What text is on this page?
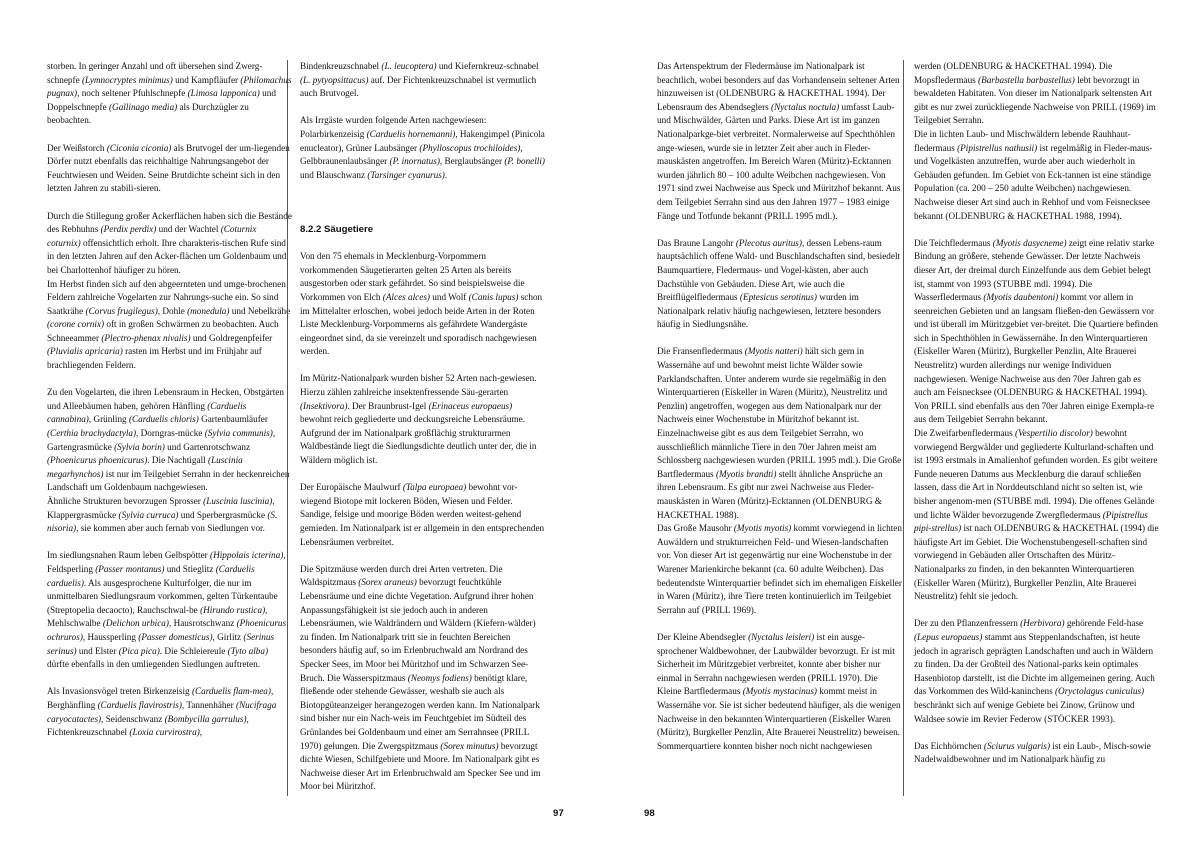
storben. In geringer Anzahl und oft übersehen sind Zwerg-schnepfe (Lymnocryptes minimus) und Kampfläufer (Philomachus pugnax), noch seltener Pfuhlschnepfe (Limosa lapponica) und Doppelschnepfe (Gallinago media) als Durchzügler zu beobachten.

Der Weißstorch (Ciconia ciconia) als Brutvogel der um-liegenden Dörfer nutzt ebenfalls das reichhaltige Nahrungsangebot der Feuchtwiesen und Weiden. Seine Brutdichte scheint sich in den letzten Jahren zu stabili-sieren.

Durch die Stillegung großer Ackerflächen haben sich die Bestände des Rebhuhns (Perdix perdix) und der Wachtel (Coturnix coturnix) offensichtlich erholt. Ihre charakteris-tischen Rufe sind in den letzten Jahren auf den Acker-flächen um Goldenbaum und bei Charlottenhof häufiger zu hören.
Im Herbst finden sich auf den abgeernteten und umge-brochenen Feldern zahlreiche Vogelarten zur Nahrungs-suche ein. So sind Saatkrähe (Corvus frugilegus), Dohle (monedula) und Nebelkrähe (corone cornix) oft in großen Schwärmen zu beobachten. Auch Schneeammer (Plectro-phenax nivalis) und Goldregenpfeifer (Pluvialis apricaria) rasten im Herbst und im Frühjahr auf brachliegenden Feldern.

Zu den Vogelarten, die ihren Lebensraum in Hecken, Obstgärten und Alleebäumen haben, gehören Hänfling (Carduelis cannabina), Grünling (Carduelis chloris) Gartenbaumläufer (Certhia brachydactyla), Dorngras-mücke (Sylvia communis), Gartengrasmücke (Sylvia borin) und Gartenrotschwanz (Phoenicurus phoenicurus). Die Nachtigall (Luscinia megarhynchos) ist nur im Teilgebiet Serrahn in der heckenreichen Landschaft um Goldenbaum nachgewiesen.
Ähnliche Strukturen bevorzugen Sprosser (Luscinia luscinia), Klappergrasmücke (Sylvia curruca) und Sperbergrasmücke (S. nisoria), sie kommen aber auch fernab von Siedlungen vor.

Im siedlungsnahen Raum leben Gelbspötter (Hippolais icterina), Feldsperling (Passer montanus) und Stieglitz (Carduelis carduelis). Als ausgesprochene Kulturfolger, die nur im unmittelbaren Siedlungsraum vorkommen, gelten Türkentaube (Streptopelia decaocto), Rauchschwal-be (Hirundo rustica), Mehlschwalbe (Delichon urbica), Hausrotschwanz (Phoenicurus ochruros), Haussperling (Passer domesticus), Girlitz (Serinus serinus) und Elster (Pica pica). Die Schleiereule (Tyto alba) dürfte ebenfalls in den umliegenden Siedlungen auftreten.

Als Invasionsvögel treten Birkenzeisig (Carduelis flam-mea), Berghänfling (Carduelis flavirostris), Tannenhäher (Nucifraga caryocatactes), Seidenschwanz (Bombycilla garrulus), Fichtenkreuzschnabel (Loxia curvirostra),

Bindenkreuzschnabel (L. leucoptera) und Kiefernkreuz-schnabel (L. pytyopsittacus) auf. Der Fichtenkreuzschnabel ist vermutlich auch Brutvogel.

Als Irrgäste wurden folgende Arten nachgewiesen: Polarbirkenzeisig (Carduelis hornemanni), Hakengimpel (Pinicola enucleator), Grüner Laubsänger (Phylloscopus trochiloides), Gelbbraunenlaubsänger (P. inornatus), Berglaubsänger (P. bonelli) und Blauschwanz (Tarsinger cyanurus).

8.2.2 Säugetiere

Von den 75 ehemals in Mecklenburg-Vorpommern vorkommenden Säugetierarten gelten 25 Arten als bereits ausgestorben oder stark gefährdet. So sind beispielsweise die Vorkommen von Elch (Alces alces) und Wolf (Canis lupus) schon im Mittelalter erloschen, wobei jedoch beide Arten in der Roten Liste Mecklenburg-Vorpommerns als gefährdete Wandergäste eingeordnet sind, da sie vereinzelt und sporadisch nachgewiesen werden.

Im Müritz-Nationalpark wurden bisher 52 Arten nach-gewiesen. Hierzu zählen zahlreiche insektenfressende Säu-gerarten (Insektivora). Der Braunbrust-Igel (Erinaceus europaeus) bewohnt reich gegliederte und deckungsreiche Lebensräume. Aufgrund der im Nationalpark großflächig strukturarmen Waldbestände liegt die Siedlungsdichte deutlich unter der, die in Wäldern möglich ist.

Der Europäische Maulwurf (Talpa europaea) bewohnt vor-wiegend Biotope mit lockeren Böden, Wiesen und Felder. Sandige, felsige und moorige Böden werden weitest-gehend gemieden. Im Nationalpark ist er allgemein in den entsprechenden Lebensräumen verbreitet.

Die Spitzmäuse werden durch drei Arten vertreten. Die Waldspitzmaus (Sorex araneus) bevorzugt feuchtkühle Lebensräume und eine dichte Vegetation. Aufgrund ihrer hohen Anpassungsfähigkeit ist sie jedoch auch in anderen Lebensräumen, wie Waldrändern und Wäldern (Kiefern-wälder) zu finden. Im Nationalpark tritt sie in feuchten Bereichen besonders häufig auf, so im Erlenbruchwald am Nordrand des Specker Sees, im Moor bei Müritzhof und im Schwarzen See-Bruch. Die Wasserspitzmaus (Neomys fodiens) benötigt klare, fließende oder stehende Gewässer, weshalb sie auch als Biotopgüteanzeiger herangezogen werden kann. Im Nationalpark sind bisher nur ein Nach-weis im Feuchtgebiet im Südteil des Grünlandes bei Goldenbaum und einer am Serrahnsee (PRILL 1970) gelungen. Die Zwergspitzmaus (Sorex minutus) bevorzugt dichte Wiesen, Schilfgebiete und Moore. Im Nationalpark gibt es Nachweise dieser Art im Erlenbruchwald am Specker See und im Moor bei Müritzhof.

97

Das Artenspektrum der Fledermäuse im Nationalpark ist beachtlich, wobei besonders auf das Vorhandensein seltener Arten hinzuweisen ist (OLDENBURG & HACKETHAL 1994). Der Lebensraum des Abendseglers (Nyctalus noctula) umfasst Laub- und Mischwälder, Gärten und Parks. Diese Art ist im ganzen Nationalparkge-biet verbreitet. Normalerweise auf Spechthöhlen ange-wiesen, wurde sie in letzter Zeit aber auch in Fleder-mauskästen angetroffen. Im Bereich Waren (Müritz)-Ecktannen wurden jährlich 80 – 100 adulte Weibchen nachgewiesen. Von 1971 sind zwei Nachweise aus Speck und Müritzhof bekannt. Aus dem Teilgebiet Serrahn sind aus den Jahren 1977 – 1983 einige Fänge und Totfunde bekannt (PRILL 1995 mdl.).

Das Braune Langohr (Plecotus auritus), dessen Lebens-raum hauptsächlich offene Wald- und Buschlandschaften sind, besiedelt Baumquartiere, Fledermaus- und Vogel-kästen, aber auch Dachstühle von Gebäuden. Diese Art, wie auch die Breitflügelfledermaus (Eptesicus serotinus) wurden im Nationalpark relativ häufig nachgewiesen, letztere besonders häufig in Siedlungsnähe.

Die Fransenfledermaus (Myotis natteri) hält sich gern in Wassernähe auf und bewohnt meist lichte Wälder sowie Parklandschaften. Unter anderem wurde sie regelmäßig in den Winterquartieren (Eiskeller in Waren (Müritz), Neustrelitz und Penzlin) angetroffen, wogegen aus dem Nationalpark nur der Nachweis einer Wochenstube in Müritzhof bekannt ist. Einzelnachweise gibt es aus dem Teilgebiet Serrahn, wo ausschließlich männliche Tiere in den 70er Jahren meist am Schlossberg nachgewiesen wurden (PRILL 1995 mdl.). Die Große Bartfledermaus (Myotis brandti) stellt ähnliche Ansprüche an ihren Lebensraum. Es gibt nur zwei Nachweise aus Fleder-mauskästen in Waren (Müritz)-Ecktannen (OLDENBURG & HACKETHAL 1988).
Das Große Mausohr (Myotis myotis) kommt vorwiegend in lichten Auwäldern und strukturreichen Feld- und Wiesen-landschaften vor. Von dieser Art ist gegenwärtig nur eine Wochenstube in der Warener Marienkirche bekannt (ca. 60 adulte Weibchen). Das bedeutendste Winterquartier befindet sich im ehemaligen Eiskeller in Waren (Müritz), ihre Tiere treten kontinuierlich im Teilgebiet Serrahn auf (PRILL 1969).

Der Kleine Abendsegler (Nyctalus leisleri) ist ein ausge-sprochener Waldbewohner, der Laubwälder bevorzugt. Er ist mit Sicherheit im Müritzgebiet verbreitet, konnte aber bisher nur einmal in Serrahn nachgewiesen werden (PRILL 1970). Die Kleine Bartfledermaus (Myotis mystacinus) kommt meist in Wassernähe vor. Sie ist sicher bedeutend häufiger, als die wenigen Nachweise in den bekannten Winterquartieren (Eiskeller Waren (Müritz), Burgkeller Penzlin, Alte Brauerei Neustrelitz) beweisen. Sommerquartiere konnten bisher noch nicht nachgewiesen

werden (OLDENBURG & HACKETHAL 1994). Die Mopsfledermaus (Barbastella barbastellus) lebt bevorzugt in bewaldeten Habitaten. Von dieser im Nationalpark seltensten Art gibt es nur zwei zurückliegende Nachweise von PRILL (1969) im Teilgebiet Serrahn.
Die in lichten Laub- und Mischwäldern lebende Rauhhaut-fledermaus (Pipistrellus nathusii) ist regelmäßig in Fleder-maus- und Vogelkästen anzutreffen, wurde aber auch wiederholt in Gebäuden gefunden. Im Gebiet von Eck-tannen ist eine ständige Population (ca. 200 – 250 adulte Weibchen) nachgewiesen. Nachweise dieser Art sind auch in Rehhof und vom Feisnecksee bekannt (OLDENBURG & HACKETHAL 1988, 1994).

Die Teichfledermaus (Myotis dasycneme) zeigt eine relativ starke Bindung an größere, stehende Gewässer. Der letzte Nachweis dieser Art, der dreimal durch Einzelfunde aus dem Gebiet belegt ist, stammt von 1993 (STUBBE mdl. 1994). Die Wasserfledermaus (Myotis daubentoni) kommt vor allem in seenreichen Gebieten und an langsam fließen-den Gewässern vor und ist überall im Müritzgebiet ver-breitet. Die Quartiere befinden sich in Spechthöhlen in Gewässernähe. In den Winterquartieren (Eiskeller Waren (Müritz), Burgkeller Penzlin, Alte Brauerei Neustrelitz) wurden allerdings nur wenige Individuen nachgewiesen. Wenige Nachweise aus den 70er Jahren gab es auch am Feisnecksee (OLDENBURG & HACKETHAL 1994). Von PRILL sind ebenfalls aus den 70er Jahren einige Exempla-re aus dem Teilgebiet Serrahn bekannt.
Die Zweifarbenfledermaus (Vespertilio discolor) bewohnt vorwiegend Bergwälder und gegliederte Kulturland-schaften und ist 1993 erstmals in Amalienhof gefunden worden. Es gibt weitere Funde neueren Datums aus Mecklenburg die darauf schließen lassen, dass die Art in Norddeutschland nicht so selten ist, wie bisher angenom-men (STUBBE mdl. 1994). Die offenes Gelände und lichte Wälder bevorzugende Zwergfledermaus (Pipistrellus pipi-strellus) ist nach OLDENBURG & HACKETHAL (1994) die häufigste Art im Gebiet. Die Wochenstubengesell-schaften sind vorwiegend in Gebäuden aller Ortschaften des Müritz-Nationalparks zu finden, in den bekannten Winterquartieren (Eiskeller Waren (Müritz), Burgkeller Penzlin, Alte Brauerei Neustrelitz) fehlt sie jedoch.

Der zu den Pflanzenfressern (Herbivora) gehörende Feld-hase (Lepus europaeus) stammt aus Steppenlandschaften, ist heute jedoch in agrarisch geprägten Landschaften und auch in Wäldern zu finden. Da der Großteil des National-parks kein optimales Hasenbiotop darstellt, ist die Dichte im allgemeinen gering. Auch das Vorkommen des Wild-kaninchens (Oryctolagus cuniculus) beschränkt sich auf wenige Gebiete bei Zinow, Grünow und Waldsee sowie im Revier Federow (STÖCKER 1993).

Das Eichhörnchen (Sciurus vulgaris) ist ein Laub-, Misch-sowie Nadelwaldbewohner und im Nationalpark häufig zu

98
